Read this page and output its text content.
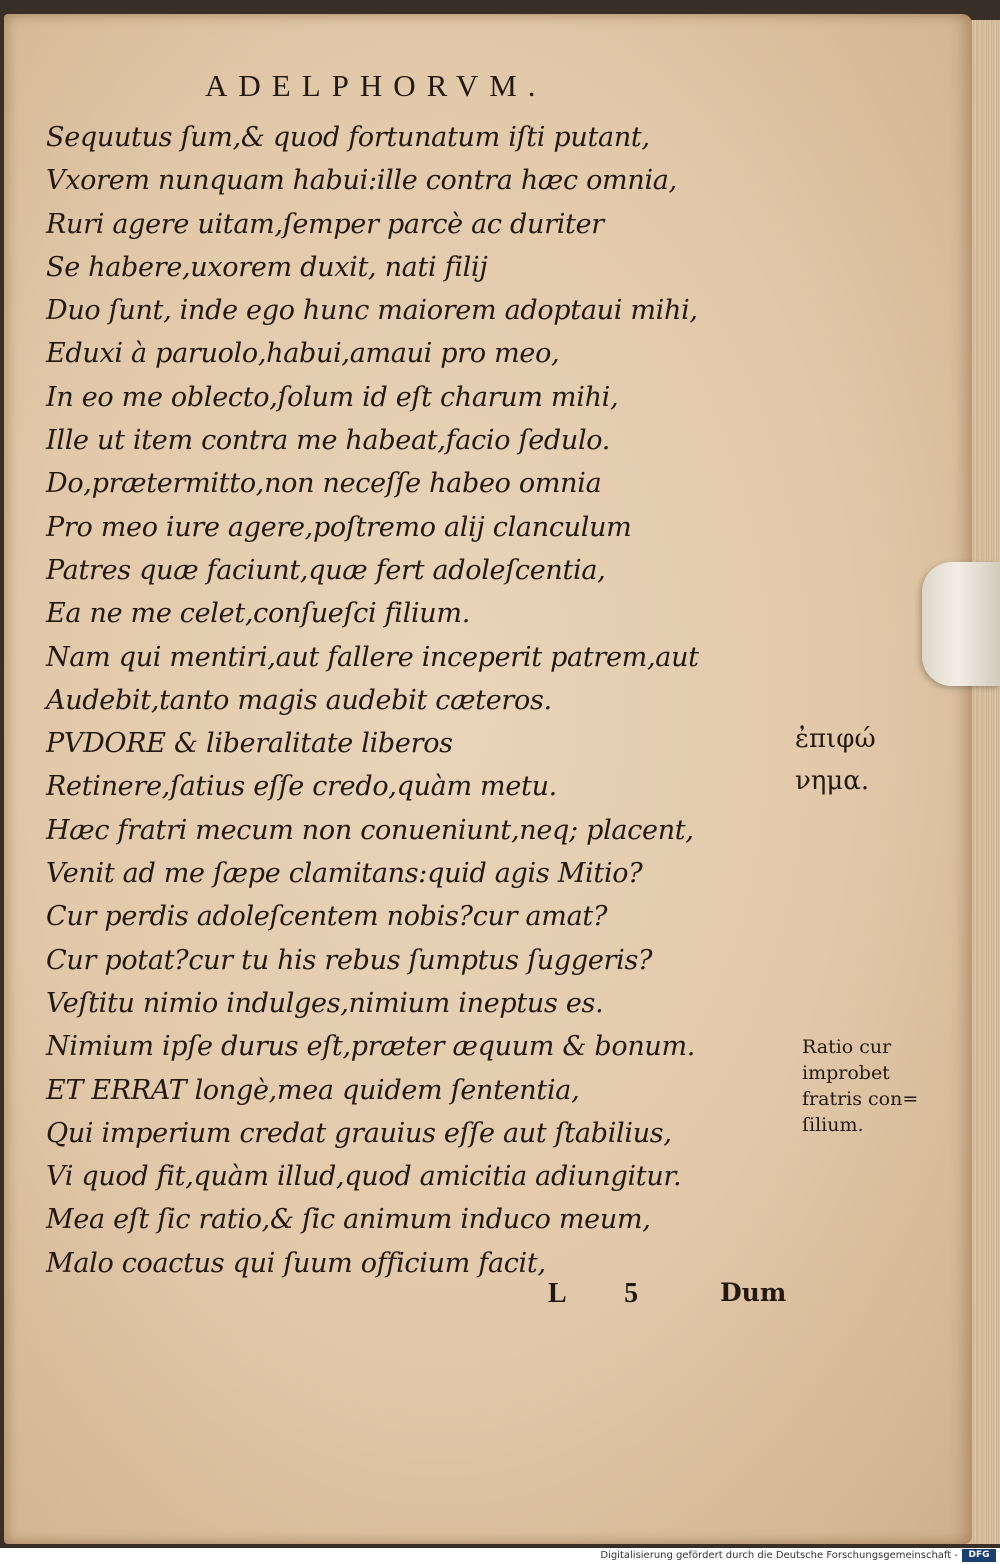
ADELPHORVM.
Sequutus ſum,& quod fortunatum iſti putant,
Vxorem nunquam habui:ille contra hæc omnia,
Ruri agere uitam,ſemper parcè ac duriter
Se habere,uxorem duxit, nati filij
Duo ſunt, inde ego hunc maiorem adoptaui mihi,
Eduxi à paruolo,habui,amaui pro meo,
In eo me oblecto,ſolum id eſt charum mihi,
Ille ut item contra me habeat,facio ſedulo.
Do,prætermitto,non neceſſe habeo omnia
Pro meo iure agere,poſtremo alij clanculum
Patres quæ faciunt,quæ fert adoleſcentia,
Ea ne me celet,conſueſci filium.
Nam qui mentiri,aut fallere inceperit patrem,aut
Audebit,tanto magis audebit cæteros.
PVDORE & liberalitate liberos
Retinere,ſatius eſſe credo,quàm metu.
Hæc fratri mecum non conueniunt,neq; placent,
Venit ad me ſæpe clamitans:quid agis Mitio?
Cur perdis adoleſcentem nobis?cur amat?
Cur potat?cur tu his rebus ſumptus ſuggeris?
Veſtitu nimio indulges,nimium ineptus es.
Nimium ipſe durus eſt,præter æquum & bonum.
ET ERRAT longè,mea quidem ſententia,
Qui imperium credat grauius eſſe aut ſtabilius,
Vi quod fit,quàm illud,quod amicitia adiungitur.
Mea eſt ſic ratio,& ſic animum induco meum,
Malo coactus qui ſuum officium facit,
ἐπιφώ
νημα.
Ratio cur
improbet
fratris con=
ſilium.
L 5 Dum
Digitalisierung gefördert durch die Deutsche Forschungsgemeinschaft -	DFG
